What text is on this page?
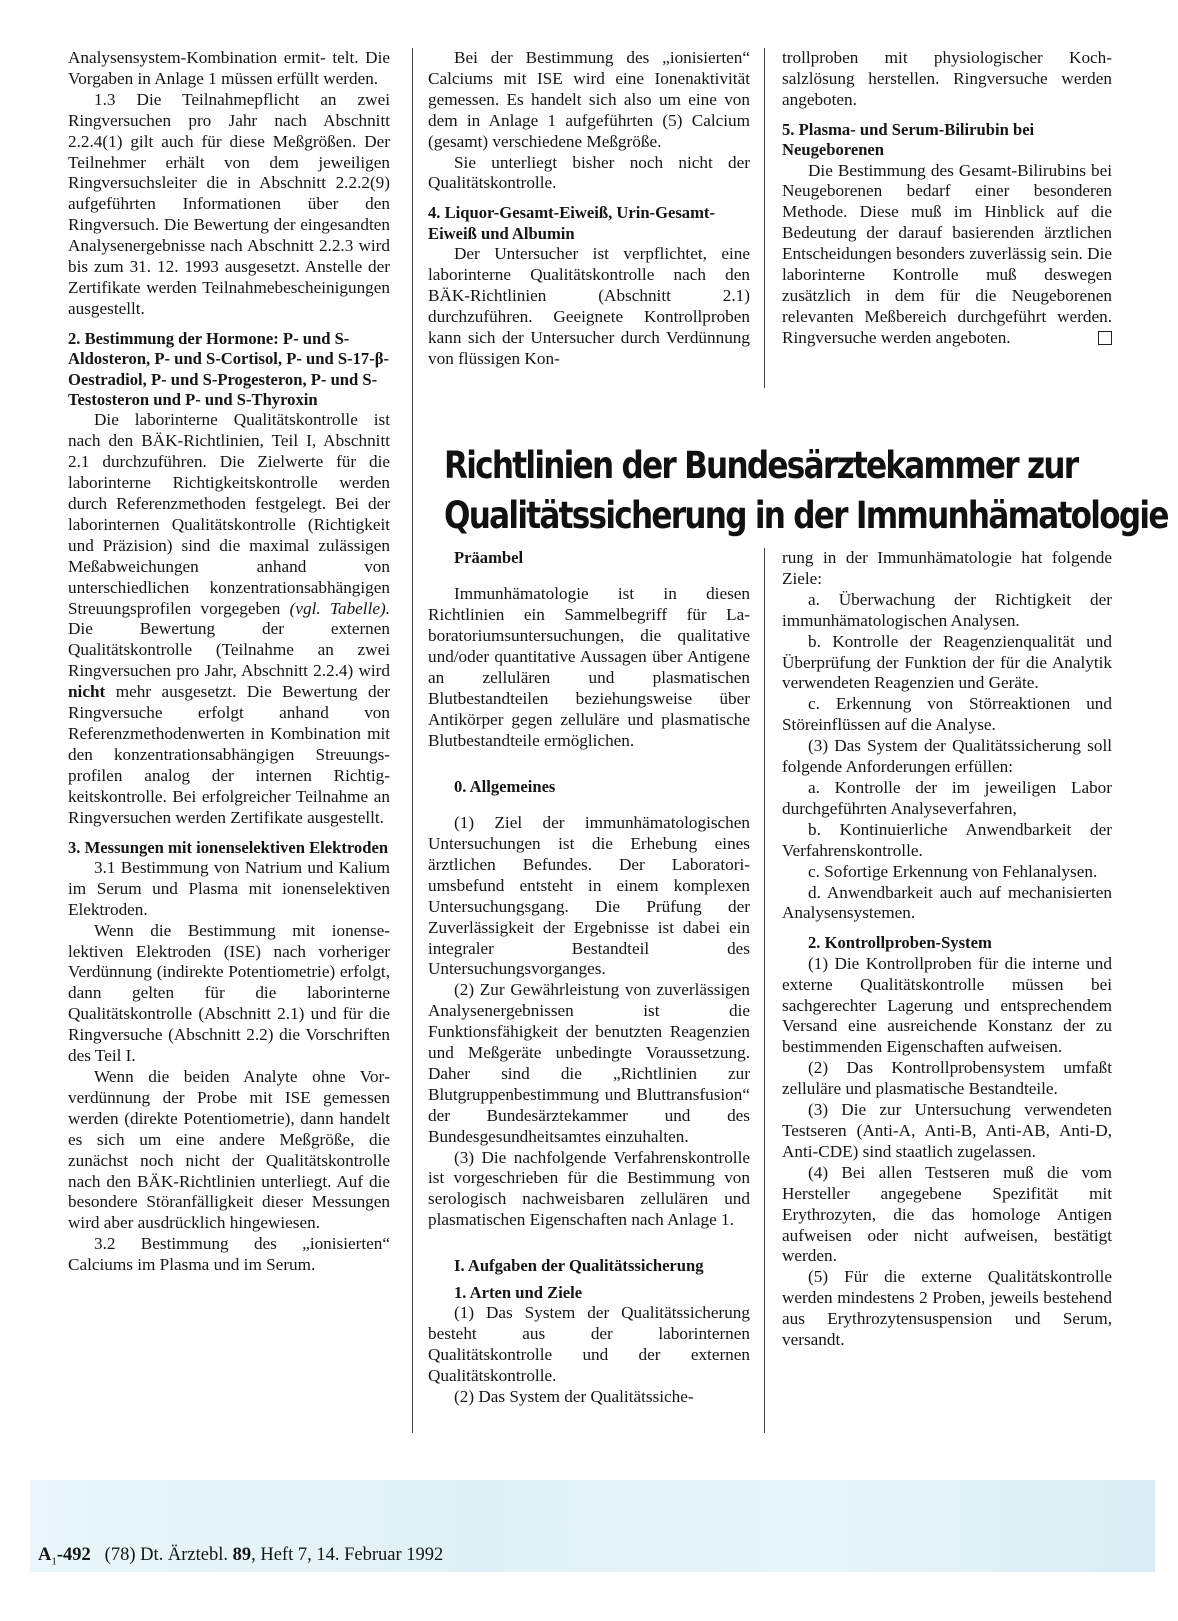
Analysensystem-Kombination ermit- telt. Die Vorgaben in Anlage 1 müssen erfüllt werden.

1.3 Die Teilnahmepflicht an zwei Ringversuchen pro Jahr nach Abschnitt 2.2.4(1) gilt auch für diese Meßgrößen. Der Teilnehmer erhält von dem jeweiligen Ringversuchsleiter die in Abschnitt 2.2.2(9) aufgeführten Informationen über den Ringversuch. Die Bewertung der eingesandten Analysenergebnisse nach Abschnitt 2.2.3 wird bis zum 31. 12. 1993 ausgesetzt. Anstelle der Zertifikate werden Teilnahmebescheinigungen ausgestellt.

2. Bestimmung der Hormone: P- und S-Aldosteron, P- und S-Cortisol, P- und S-17-β-Oestradiol, P- und S-Progesteron, P- und S-Testosteron und P- und S-Thyroxin

Die laborinterne Qualitätskontrolle ist nach den BÄK-Richtlinien, Teil I, Abschnitt 2.1 durchzuführen. Die Zielwerte für die laborinterne Richtigkeitskontrolle werden durch Referenzmethoden festgelegt. Bei der laborinternen Qualitätskontrolle (Richtigkeit und Präzision) sind die maximal zulässigen Meßabweichungen anhand von unterschiedlichen konzentrationsabhängigen Streuungsprofilen vorgegeben (vgl. Tabelle). Die Bewertung der externen Qualitätskontrolle (Teilnahme an zwei Ringversuchen pro Jahr, Abschnitt 2.2.4) wird nicht mehr ausgesetzt. Die Bewertung der Ringversuche erfolgt anhand von Referenzmethodenwerten in Kombination mit den konzentrationsabhängigen Streuungsprofilen analog der internen Richtigkeitskontrolle. Bei erfolgreicher Teilnahme an Ringversuchen werden Zertifikate ausgestellt.

3. Messungen mit ionenselektiven Elektroden

3.1 Bestimmung von Natrium und Kalium im Serum und Plasma mit ionenselektiven Elektroden.

Wenn die Bestimmung mit ionenselektiven Elektroden (ISE) nach vorheriger Verdünnung (indirekte Potentiometrie) erfolgt, dann gelten für die laborinterne Qualitätskontrolle (Abschnitt 2.1) und für die Ringversuche (Abschnitt 2.2) die Vorschriften des Teil I.

Wenn die beiden Analyte ohne Vorverdünnung der Probe mit ISE gemessen werden (direkte Potentiometrie), dann handelt es sich um eine andere Meßgröße, die zunächst noch nicht der Qualitätskontrolle nach den BÄK-Richtlinien unterliegt. Auf die besondere Störanfälligkeit dieser Messungen wird aber ausdrücklich hingewiesen.

3.2 Bestimmung des „ionisierten“ Calciums im Plasma und im Serum.

Bei der Bestimmung des „ionisierten“ Calciums mit ISE wird eine Ionenaktivität gemessen. Es handelt sich also um eine von dem in Anlage 1 aufgeführten (5) Calcium (gesamt) verschiedene Meßgröße.

Sie unterliegt bisher noch nicht der Qualitätskontrolle.

4. Liquor-Gesamt-Eiweiß, Urin-Gesamt-Eiweiß und Albumin

Der Untersucher ist verpflichtet, eine laborinterne Qualitätskontrolle nach den BÄK-Richtlinien (Abschnitt 2.1) durchzuführen. Geeignete Kontrollproben kann sich der Untersucher durch Verdünnung von flüssigen Kon-

trollproben mit physiologischer Kochsalzlösung herstellen. Ringversuche werden angeboten.

5. Plasma- und Serum-Bilirubin bei Neugeborenen

Die Bestimmung des Gesamt-Bilirubins bei Neugeborenen bedarf einer besonderen Methode. Diese muß im Hinblick auf die Bedeutung der darauf basierenden ärztlichen Entscheidungen besonders zuverlässig sein. Die laborinterne Kontrolle muß deswegen zusätzlich in dem für die Neugeborenen relevanten Meßbereich durchgeführt werden. Ringversuche werden angeboten.

Richtlinien der Bundesärztekammer zur
Qualitätssicherung in der Immunhämatologie
Präambel

Immunhämatologie ist in diesen Richtlinien ein Sammelbegriff für Laboratoriumsuntersuchungen, die qualitative und/oder quantitative Aussagen über Antigene an zellulären und plasmatischen Blutbestandteilen beziehungsweise über Antikörper gegen zelluläre und plasmatische Blutbestandteile ermöglichen.

0. Allgemeines

(1) Ziel der immunhämatologischen Untersuchungen ist die Erhebung eines ärztlichen Befundes. Der Laboratoriumsbefund entsteht in einem komplexen Untersuchungsgang. Die Prüfung der Zuverlässigkeit der Ergebnisse ist dabei ein integraler Bestandteil des Untersuchungsvorganges.

(2) Zur Gewährleistung von zuverlässigen Analysenergebnissen ist die Funktionsfähigkeit der benutzten Reagenzien und Meßgeräte unbedingte Voraussetzung. Daher sind die „Richtlinien zur Blutgruppenbestimmung und Bluttransfusion“ der Bundesärztekammer und des Bundesgesundheitsamtes einzuhalten.

(3) Die nachfolgende Verfahrenskontrolle ist vorgeschrieben für die Bestimmung von serologisch nachweisbaren zellulären und plasmatischen Eigenschaften nach Anlage 1.

I. Aufgaben der Qualitätssicherung
1. Arten und Ziele

(1) Das System der Qualitätssicherung besteht aus der laborinternen Qualitätskontrolle und der externen Qualitätskontrolle.

(2) Das System der Qualitätssiche-

rung in der Immunhämatologie hat folgende Ziele:

a. Überwachung der Richtigkeit der immunhämatologischen Analysen.

b. Kontrolle der Reagenzienqualität und Überprüfung der Funktion der für die Analytik verwendeten Reagenzien und Geräte.

c. Erkennung von Störreaktionen und Störeinflüssen auf die Analyse.

(3) Das System der Qualitätssicherung soll folgende Anforderungen erfüllen:

a. Kontrolle der im jeweiligen Labor durchgeführten Analyseverfahren,

b. Kontinuierliche Anwendbarkeit der Verfahrenskontrolle.

c. Sofortige Erkennung von Fehlanalysen.

d. Anwendbarkeit auch auf mechanisierten Analysensystemen.

2. Kontrollproben-System

(1) Die Kontrollproben für die interne und externe Qualitätskontrolle müssen bei sachgerechter Lagerung und entsprechendem Versand eine ausreichende Konstanz der zu bestimmenden Eigenschaften aufweisen.

(2) Das Kontrollprobensystem umfaßt zelluläre und plasmatische Bestandteile.

(3) Die zur Untersuchung verwendeten Testseren (Anti-A, Anti-B, Anti-AB, Anti-D, Anti-CDE) sind staatlich zugelassen.

(4) Bei allen Testseren muß die vom Hersteller angegebene Spezifität mit Erythrozyten, die das homologe Antigen aufweisen oder nicht aufweisen, bestätigt werden.

(5) Für die externe Qualitätskontrolle werden mindestens 2 Proben, jeweils bestehend aus Erythrozytensuspension und Serum, versandt.

$A_1-492$ (78) Dt. Ärztebl. 89, Heft 7, 14. Februar 1992
